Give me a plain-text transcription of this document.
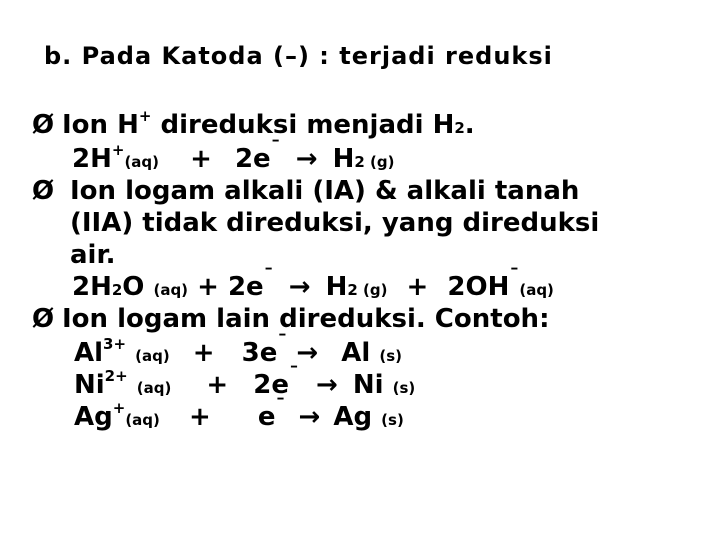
b. Pada Katoda (–) : terjadi reduksi
Ø Ion H+ direduksi menjadi H2.
2H+(aq) + 2e¯ → H2 (g)
Ø Ion logam alkali (IA) & alkali tanah
(IIA) tidak direduksi, yang direduksi
air.
2H2O (aq) + 2e¯ → H2 (g) + 2OH¯(aq)
Ø Ion logam lain direduksi. Contoh:
$Al^{3+}$ (aq) + 3e¯ → Al (s)
$Ni^{2+}$ (aq) + 2e¯ → Ni (s)
Ag+(aq) + e¯ → Ag (s)
